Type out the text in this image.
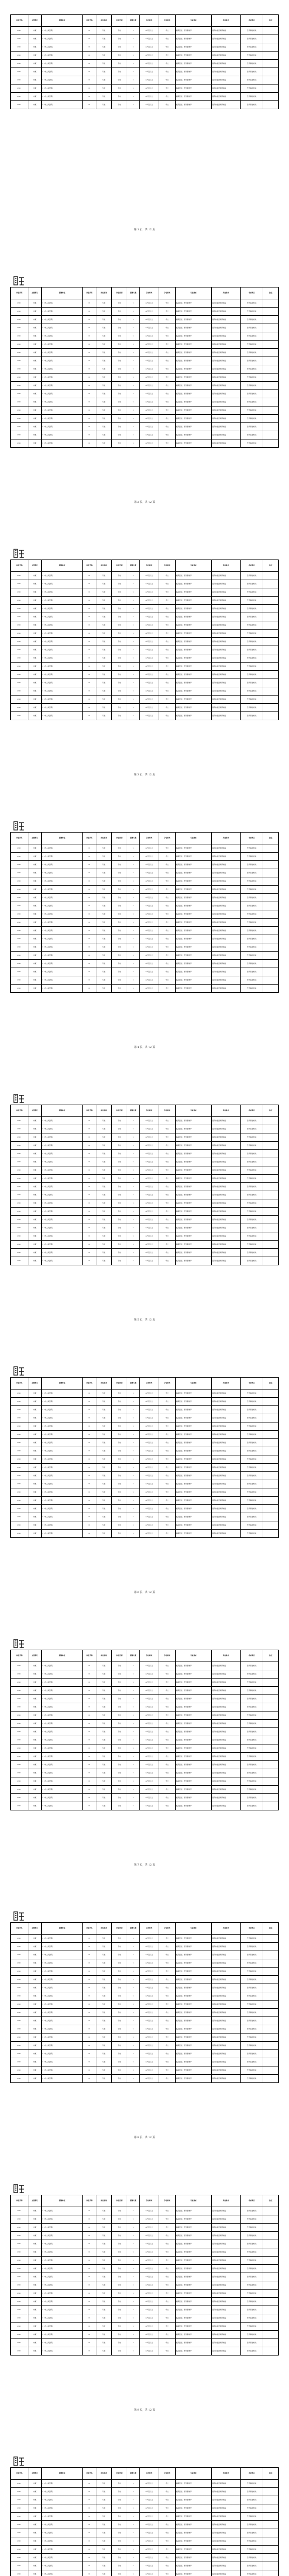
单位代码	主管部门	招聘单位	岗位代码	岗位名称	岗位类别	招聘人数	学历要求	学位要求	专业要求	其他条件	考试科目	备注
2021	市属	××市人民医院	01	专技	专技	1	本科及以上	学士	临床医学、医学影像学	具有执业医师资格证	医学基础知识	
2021	市属	××市人民医院	01	专技	专技	1	本科及以上	学士	临床医学、医学影像学	具有执业医师资格证	医学基础知识	
2021	市属	××市人民医院	01	专技	专技	1	本科及以上	学士	临床医学、医学影像学	具有执业医师资格证	医学基础知识	
2021	市属	××市人民医院	01	专技	专技	1	本科及以上	学士	临床医学、医学影像学	具有执业医师资格证	医学基础知识	
2021	市属	××市人民医院	01	专技	专技	1	本科及以上	学士	临床医学、医学影像学	具有执业医师资格证	医学基础知识	
2021	市属	××市人民医院	01	专技	专技	1	本科及以上	学士	临床医学、医学影像学	具有执业医师资格证	医学基础知识	
2021	市属	××市人民医院	01	专技	专技	1	本科及以上	学士	临床医学、医学影像学	具有执业医师资格证	医学基础知识	
2021	市属	××市人民医院	01	专技	专技	1	本科及以上	学士	临床医学、医学影像学	具有执业医师资格证	医学基础知识	
2021	市属	××市人民医院	01	专技	专技	1	本科及以上	学士	临床医学、医学影像学	具有执业医师资格证	医学基础知识	
2021	市属	××市人民医院	01	专技	专技	1	本科及以上	学士	临床医学、医学影像学	具有执业医师资格证	医学基础知识	
第 1 页，共 12 页
单位代码	主管部门	招聘单位	岗位代码	岗位名称	岗位类别	招聘人数	学历要求	学位要求	专业要求	其他条件	考试科目	备注
2021	市属	××市人民医院	01	专技	专技	1	本科及以上	学士	临床医学、医学影像学	具有执业医师资格证	医学基础知识	
2021	市属	××市人民医院	01	专技	专技	1	本科及以上	学士	临床医学、医学影像学	具有执业医师资格证	医学基础知识	
2021	市属	××市人民医院	01	专技	专技	1	本科及以上	学士	临床医学、医学影像学	具有执业医师资格证	医学基础知识	
2021	市属	××市人民医院	01	专技	专技	1	本科及以上	学士	临床医学、医学影像学	具有执业医师资格证	医学基础知识	
2021	市属	××市人民医院	01	专技	专技	1	本科及以上	学士	临床医学、医学影像学	具有执业医师资格证	医学基础知识	
2021	市属	××市人民医院	01	专技	专技	1	本科及以上	学士	临床医学、医学影像学	具有执业医师资格证	医学基础知识	
2021	市属	××市人民医院	01	专技	专技	1	本科及以上	学士	临床医学、医学影像学	具有执业医师资格证	医学基础知识	
2021	市属	××市人民医院	01	专技	专技	1	本科及以上	学士	临床医学、医学影像学	具有执业医师资格证	医学基础知识	
2021	市属	××市人民医院	01	专技	专技	1	本科及以上	学士	临床医学、医学影像学	具有执业医师资格证	医学基础知识	
2021	市属	××市人民医院	01	专技	专技	1	本科及以上	学士	临床医学、医学影像学	具有执业医师资格证	医学基础知识	
2021	市属	××市人民医院	01	专技	专技	1	本科及以上	学士	临床医学、医学影像学	具有执业医师资格证	医学基础知识	
2021	市属	××市人民医院	01	专技	专技	1	本科及以上	学士	临床医学、医学影像学	具有执业医师资格证	医学基础知识	
2021	市属	××市人民医院	01	专技	专技	1	本科及以上	学士	临床医学、医学影像学	具有执业医师资格证	医学基础知识	
2021	市属	××市人民医院	01	专技	专技	1	本科及以上	学士	临床医学、医学影像学	具有执业医师资格证	医学基础知识	
2021	市属	××市人民医院	01	专技	专技	1	本科及以上	学士	临床医学、医学影像学	具有执业医师资格证	医学基础知识	
2021	市属	××市人民医院	01	专技	专技	1	本科及以上	学士	临床医学、医学影像学	具有执业医师资格证	医学基础知识	
2021	市属	××市人民医院	01	专技	专技	1	本科及以上	学士	临床医学、医学影像学	具有执业医师资格证	医学基础知识	
2021	市属	××市人民医院	01	专技	专技	1	本科及以上	学士	临床医学、医学影像学	具有执业医师资格证	医学基础知识	
第 2 页，共 12 页
单位代码	主管部门	招聘单位	岗位代码	岗位名称	岗位类别	招聘人数	学历要求	学位要求	专业要求	其他条件	考试科目	备注
2021	市属	××市人民医院	01	专技	专技	1	本科及以上	学士	临床医学、医学影像学	具有执业医师资格证	医学基础知识	
2021	市属	××市人民医院	01	专技	专技	1	本科及以上	学士	临床医学、医学影像学	具有执业医师资格证	医学基础知识	
2021	市属	××市人民医院	01	专技	专技	1	本科及以上	学士	临床医学、医学影像学	具有执业医师资格证	医学基础知识	
2021	市属	××市人民医院	01	专技	专技	1	本科及以上	学士	临床医学、医学影像学	具有执业医师资格证	医学基础知识	
2021	市属	××市人民医院	01	专技	专技	1	本科及以上	学士	临床医学、医学影像学	具有执业医师资格证	医学基础知识	
2021	市属	××市人民医院	01	专技	专技	1	本科及以上	学士	临床医学、医学影像学	具有执业医师资格证	医学基础知识	
2021	市属	××市人民医院	01	专技	专技	1	本科及以上	学士	临床医学、医学影像学	具有执业医师资格证	医学基础知识	
2021	市属	××市人民医院	01	专技	专技	1	本科及以上	学士	临床医学、医学影像学	具有执业医师资格证	医学基础知识	
2021	市属	××市人民医院	01	专技	专技	1	本科及以上	学士	临床医学、医学影像学	具有执业医师资格证	医学基础知识	
2021	市属	××市人民医院	01	专技	专技	1	本科及以上	学士	临床医学、医学影像学	具有执业医师资格证	医学基础知识	
2021	市属	××市人民医院	01	专技	专技	1	本科及以上	学士	临床医学、医学影像学	具有执业医师资格证	医学基础知识	
2021	市属	××市人民医院	01	专技	专技	1	本科及以上	学士	临床医学、医学影像学	具有执业医师资格证	医学基础知识	
2021	市属	××市人民医院	01	专技	专技	1	本科及以上	学士	临床医学、医学影像学	具有执业医师资格证	医学基础知识	
2021	市属	××市人民医院	01	专技	专技	1	本科及以上	学士	临床医学、医学影像学	具有执业医师资格证	医学基础知识	
2021	市属	××市人民医院	01	专技	专技	1	本科及以上	学士	临床医学、医学影像学	具有执业医师资格证	医学基础知识	
2021	市属	××市人民医院	01	专技	专技	1	本科及以上	学士	临床医学、医学影像学	具有执业医师资格证	医学基础知识	
2021	市属	××市人民医院	01	专技	专技	1	本科及以上	学士	临床医学、医学影像学	具有执业医师资格证	医学基础知识	
2021	市属	××市人民医院	01	专技	专技	1	本科及以上	学士	临床医学、医学影像学	具有执业医师资格证	医学基础知识	
第 3 页，共 12 页
单位代码	主管部门	招聘单位	岗位代码	岗位名称	岗位类别	招聘人数	学历要求	学位要求	专业要求	其他条件	考试科目	备注
2021	市属	××市人民医院	01	专技	专技	1	本科及以上	学士	临床医学、医学影像学	具有执业医师资格证	医学基础知识	
2021	市属	××市人民医院	01	专技	专技	1	本科及以上	学士	临床医学、医学影像学	具有执业医师资格证	医学基础知识	
2021	市属	××市人民医院	01	专技	专技	1	本科及以上	学士	临床医学、医学影像学	具有执业医师资格证	医学基础知识	
2021	市属	××市人民医院	01	专技	专技	1	本科及以上	学士	临床医学、医学影像学	具有执业医师资格证	医学基础知识	
2021	市属	××市人民医院	01	专技	专技	1	本科及以上	学士	临床医学、医学影像学	具有执业医师资格证	医学基础知识	
2021	市属	××市人民医院	01	专技	专技	1	本科及以上	学士	临床医学、医学影像学	具有执业医师资格证	医学基础知识	
2021	市属	××市人民医院	01	专技	专技	1	本科及以上	学士	临床医学、医学影像学	具有执业医师资格证	医学基础知识	
2021	市属	××市人民医院	01	专技	专技	1	本科及以上	学士	临床医学、医学影像学	具有执业医师资格证	医学基础知识	
2021	市属	××市人民医院	01	专技	专技	1	本科及以上	学士	临床医学、医学影像学	具有执业医师资格证	医学基础知识	
2021	市属	××市人民医院	01	专技	专技	1	本科及以上	学士	临床医学、医学影像学	具有执业医师资格证	医学基础知识	
2021	市属	××市人民医院	01	专技	专技	1	本科及以上	学士	临床医学、医学影像学	具有执业医师资格证	医学基础知识	
2021	市属	××市人民医院	01	专技	专技	1	本科及以上	学士	临床医学、医学影像学	具有执业医师资格证	医学基础知识	
2021	市属	××市人民医院	01	专技	专技	1	本科及以上	学士	临床医学、医学影像学	具有执业医师资格证	医学基础知识	
2021	市属	××市人民医院	01	专技	专技	1	本科及以上	学士	临床医学、医学影像学	具有执业医师资格证	医学基础知识	
2021	市属	××市人民医院	01	专技	专技	1	本科及以上	学士	临床医学、医学影像学	具有执业医师资格证	医学基础知识	
2021	市属	××市人民医院	01	专技	专技	1	本科及以上	学士	临床医学、医学影像学	具有执业医师资格证	医学基础知识	
2021	市属	××市人民医院	01	专技	专技	1	本科及以上	学士	临床医学、医学影像学	具有执业医师资格证	医学基础知识	
2021	市属	××市人民医院	01	专技	专技	1	本科及以上	学士	临床医学、医学影像学	具有执业医师资格证	医学基础知识	
第 4 页，共 12 页
单位代码	主管部门	招聘单位	岗位代码	岗位名称	岗位类别	招聘人数	学历要求	学位要求	专业要求	其他条件	考试科目	备注
2021	市属	××市人民医院	01	专技	专技	1	本科及以上	学士	临床医学、医学影像学	具有执业医师资格证	医学基础知识	
2021	市属	××市人民医院	01	专技	专技	1	本科及以上	学士	临床医学、医学影像学	具有执业医师资格证	医学基础知识	
2021	市属	××市人民医院	01	专技	专技	1	本科及以上	学士	临床医学、医学影像学	具有执业医师资格证	医学基础知识	
2021	市属	××市人民医院	01	专技	专技	1	本科及以上	学士	临床医学、医学影像学	具有执业医师资格证	医学基础知识	
2021	市属	××市人民医院	01	专技	专技	1	本科及以上	学士	临床医学、医学影像学	具有执业医师资格证	医学基础知识	
2021	市属	××市人民医院	01	专技	专技	1	本科及以上	学士	临床医学、医学影像学	具有执业医师资格证	医学基础知识	
2021	市属	××市人民医院	01	专技	专技	1	本科及以上	学士	临床医学、医学影像学	具有执业医师资格证	医学基础知识	
2021	市属	××市人民医院	01	专技	专技	1	本科及以上	学士	临床医学、医学影像学	具有执业医师资格证	医学基础知识	
2021	市属	××市人民医院	01	专技	专技	1	本科及以上	学士	临床医学、医学影像学	具有执业医师资格证	医学基础知识	
2021	市属	××市人民医院	01	专技	专技	1	本科及以上	学士	临床医学、医学影像学	具有执业医师资格证	医学基础知识	
2021	市属	××市人民医院	01	专技	专技	1	本科及以上	学士	临床医学、医学影像学	具有执业医师资格证	医学基础知识	
2021	市属	××市人民医院	01	专技	专技	1	本科及以上	学士	临床医学、医学影像学	具有执业医师资格证	医学基础知识	
2021	市属	××市人民医院	01	专技	专技	1	本科及以上	学士	临床医学、医学影像学	具有执业医师资格证	医学基础知识	
2021	市属	××市人民医院	01	专技	专技	1	本科及以上	学士	临床医学、医学影像学	具有执业医师资格证	医学基础知识	
2021	市属	××市人民医院	01	专技	专技	1	本科及以上	学士	临床医学、医学影像学	具有执业医师资格证	医学基础知识	
2021	市属	××市人民医院	01	专技	专技	1	本科及以上	学士	临床医学、医学影像学	具有执业医师资格证	医学基础知识	
2021	市属	××市人民医院	01	专技	专技	1	本科及以上	学士	临床医学、医学影像学	具有执业医师资格证	医学基础知识	
2021	市属	××市人民医院	01	专技	专技	1	本科及以上	学士	临床医学、医学影像学	具有执业医师资格证	医学基础知识	
第 5 页，共 12 页
单位代码	主管部门	招聘单位	岗位代码	岗位名称	岗位类别	招聘人数	学历要求	学位要求	专业要求	其他条件	考试科目	备注
2021	市属	××市人民医院	01	专技	专技	1	本科及以上	学士	临床医学、医学影像学	具有执业医师资格证	医学基础知识	
2021	市属	××市人民医院	01	专技	专技	1	本科及以上	学士	临床医学、医学影像学	具有执业医师资格证	医学基础知识	
2021	市属	××市人民医院	01	专技	专技	1	本科及以上	学士	临床医学、医学影像学	具有执业医师资格证	医学基础知识	
2021	市属	××市人民医院	01	专技	专技	1	本科及以上	学士	临床医学、医学影像学	具有执业医师资格证	医学基础知识	
2021	市属	××市人民医院	01	专技	专技	1	本科及以上	学士	临床医学、医学影像学	具有执业医师资格证	医学基础知识	
2021	市属	××市人民医院	01	专技	专技	1	本科及以上	学士	临床医学、医学影像学	具有执业医师资格证	医学基础知识	
2021	市属	××市人民医院	01	专技	专技	1	本科及以上	学士	临床医学、医学影像学	具有执业医师资格证	医学基础知识	
2021	市属	××市人民医院	01	专技	专技	1	本科及以上	学士	临床医学、医学影像学	具有执业医师资格证	医学基础知识	
2021	市属	××市人民医院	01	专技	专技	1	本科及以上	学士	临床医学、医学影像学	具有执业医师资格证	医学基础知识	
2021	市属	××市人民医院	01	专技	专技	1	本科及以上	学士	临床医学、医学影像学	具有执业医师资格证	医学基础知识	
2021	市属	××市人民医院	01	专技	专技	1	本科及以上	学士	临床医学、医学影像学	具有执业医师资格证	医学基础知识	
2021	市属	××市人民医院	01	专技	专技	1	本科及以上	学士	临床医学、医学影像学	具有执业医师资格证	医学基础知识	
2021	市属	××市人民医院	01	专技	专技	1	本科及以上	学士	临床医学、医学影像学	具有执业医师资格证	医学基础知识	
2021	市属	××市人民医院	01	专技	专技	1	本科及以上	学士	临床医学、医学影像学	具有执业医师资格证	医学基础知识	
2021	市属	××市人民医院	01	专技	专技	1	本科及以上	学士	临床医学、医学影像学	具有执业医师资格证	医学基础知识	
2021	市属	××市人民医院	01	专技	专技	1	本科及以上	学士	临床医学、医学影像学	具有执业医师资格证	医学基础知识	
2021	市属	××市人民医院	01	专技	专技	1	本科及以上	学士	临床医学、医学影像学	具有执业医师资格证	医学基础知识	
2021	市属	××市人民医院	01	专技	专技	1	本科及以上	学士	临床医学、医学影像学	具有执业医师资格证	医学基础知识	
第 6 页，共 12 页
单位代码	主管部门	招聘单位	岗位代码	岗位名称	岗位类别	招聘人数	学历要求	学位要求	专业要求	其他条件	考试科目	备注
2021	市属	××市人民医院	01	专技	专技	1	本科及以上	学士	临床医学、医学影像学	具有执业医师资格证	医学基础知识	
2021	市属	××市人民医院	01	专技	专技	1	本科及以上	学士	临床医学、医学影像学	具有执业医师资格证	医学基础知识	
2021	市属	××市人民医院	01	专技	专技	1	本科及以上	学士	临床医学、医学影像学	具有执业医师资格证	医学基础知识	
2021	市属	××市人民医院	01	专技	专技	1	本科及以上	学士	临床医学、医学影像学	具有执业医师资格证	医学基础知识	
2021	市属	××市人民医院	01	专技	专技	1	本科及以上	学士	临床医学、医学影像学	具有执业医师资格证	医学基础知识	
2021	市属	××市人民医院	01	专技	专技	1	本科及以上	学士	临床医学、医学影像学	具有执业医师资格证	医学基础知识	
2021	市属	××市人民医院	01	专技	专技	1	本科及以上	学士	临床医学、医学影像学	具有执业医师资格证	医学基础知识	
2021	市属	××市人民医院	01	专技	专技	1	本科及以上	学士	临床医学、医学影像学	具有执业医师资格证	医学基础知识	
2021	市属	××市人民医院	01	专技	专技	1	本科及以上	学士	临床医学、医学影像学	具有执业医师资格证	医学基础知识	
2021	市属	××市人民医院	01	专技	专技	1	本科及以上	学士	临床医学、医学影像学	具有执业医师资格证	医学基础知识	
2021	市属	××市人民医院	01	专技	专技	1	本科及以上	学士	临床医学、医学影像学	具有执业医师资格证	医学基础知识	
2021	市属	××市人民医院	01	专技	专技	1	本科及以上	学士	临床医学、医学影像学	具有执业医师资格证	医学基础知识	
2021	市属	××市人民医院	01	专技	专技	1	本科及以上	学士	临床医学、医学影像学	具有执业医师资格证	医学基础知识	
2021	市属	××市人民医院	01	专技	专技	1	本科及以上	学士	临床医学、医学影像学	具有执业医师资格证	医学基础知识	
2021	市属	××市人民医院	01	专技	专技	1	本科及以上	学士	临床医学、医学影像学	具有执业医师资格证	医学基础知识	
2021	市属	××市人民医院	01	专技	专技	1	本科及以上	学士	临床医学、医学影像学	具有执业医师资格证	医学基础知识	
2021	市属	××市人民医院	01	专技	专技	1	本科及以上	学士	临床医学、医学影像学	具有执业医师资格证	医学基础知识	
2021	市属	××市人民医院	01	专技	专技	1	本科及以上	学士	临床医学、医学影像学	具有执业医师资格证	医学基础知识	
第 7 页，共 12 页
单位代码	主管部门	招聘单位	岗位代码	岗位名称	岗位类别	招聘人数	学历要求	学位要求	专业要求	其他条件	考试科目	备注
2021	市属	××市人民医院	01	专技	专技	1	本科及以上	学士	临床医学、医学影像学	具有执业医师资格证	医学基础知识	
2021	市属	××市人民医院	01	专技	专技	1	本科及以上	学士	临床医学、医学影像学	具有执业医师资格证	医学基础知识	
2021	市属	××市人民医院	01	专技	专技	1	本科及以上	学士	临床医学、医学影像学	具有执业医师资格证	医学基础知识	
2021	市属	××市人民医院	01	专技	专技	1	本科及以上	学士	临床医学、医学影像学	具有执业医师资格证	医学基础知识	
2021	市属	××市人民医院	01	专技	专技	1	本科及以上	学士	临床医学、医学影像学	具有执业医师资格证	医学基础知识	
2021	市属	××市人民医院	01	专技	专技	1	本科及以上	学士	临床医学、医学影像学	具有执业医师资格证	医学基础知识	
2021	市属	××市人民医院	01	专技	专技	1	本科及以上	学士	临床医学、医学影像学	具有执业医师资格证	医学基础知识	
2021	市属	××市人民医院	01	专技	专技	1	本科及以上	学士	临床医学、医学影像学	具有执业医师资格证	医学基础知识	
2021	市属	××市人民医院	01	专技	专技	1	本科及以上	学士	临床医学、医学影像学	具有执业医师资格证	医学基础知识	
2021	市属	××市人民医院	01	专技	专技	1	本科及以上	学士	临床医学、医学影像学	具有执业医师资格证	医学基础知识	
2021	市属	××市人民医院	01	专技	专技	1	本科及以上	学士	临床医学、医学影像学	具有执业医师资格证	医学基础知识	
2021	市属	××市人民医院	01	专技	专技	1	本科及以上	学士	临床医学、医学影像学	具有执业医师资格证	医学基础知识	
2021	市属	××市人民医院	01	专技	专技	1	本科及以上	学士	临床医学、医学影像学	具有执业医师资格证	医学基础知识	
2021	市属	××市人民医院	01	专技	专技	1	本科及以上	学士	临床医学、医学影像学	具有执业医师资格证	医学基础知识	
2021	市属	××市人民医院	01	专技	专技	1	本科及以上	学士	临床医学、医学影像学	具有执业医师资格证	医学基础知识	
2021	市属	××市人民医院	01	专技	专技	1	本科及以上	学士	临床医学、医学影像学	具有执业医师资格证	医学基础知识	
2021	市属	××市人民医院	01	专技	专技	1	本科及以上	学士	临床医学、医学影像学	具有执业医师资格证	医学基础知识	
2021	市属	××市人民医院	01	专技	专技	1	本科及以上	学士	临床医学、医学影像学	具有执业医师资格证	医学基础知识	
第 8 页，共 12 页
单位代码	主管部门	招聘单位	岗位代码	岗位名称	岗位类别	招聘人数	学历要求	学位要求	专业要求	其他条件	考试科目	备注
2021	市属	××市人民医院	01	专技	专技	1	本科及以上	学士	临床医学、医学影像学	具有执业医师资格证	医学基础知识	
2021	市属	××市人民医院	01	专技	专技	1	本科及以上	学士	临床医学、医学影像学	具有执业医师资格证	医学基础知识	
2021	市属	××市人民医院	01	专技	专技	1	本科及以上	学士	临床医学、医学影像学	具有执业医师资格证	医学基础知识	
2021	市属	××市人民医院	01	专技	专技	1	本科及以上	学士	临床医学、医学影像学	具有执业医师资格证	医学基础知识	
2021	市属	××市人民医院	01	专技	专技	1	本科及以上	学士	临床医学、医学影像学	具有执业医师资格证	医学基础知识	
2021	市属	××市人民医院	01	专技	专技	1	本科及以上	学士	临床医学、医学影像学	具有执业医师资格证	医学基础知识	
2021	市属	××市人民医院	01	专技	专技	1	本科及以上	学士	临床医学、医学影像学	具有执业医师资格证	医学基础知识	
2021	市属	××市人民医院	01	专技	专技	1	本科及以上	学士	临床医学、医学影像学	具有执业医师资格证	医学基础知识	
2021	市属	××市人民医院	01	专技	专技	1	本科及以上	学士	临床医学、医学影像学	具有执业医师资格证	医学基础知识	
2021	市属	××市人民医院	01	专技	专技	1	本科及以上	学士	临床医学、医学影像学	具有执业医师资格证	医学基础知识	
2021	市属	××市人民医院	01	专技	专技	1	本科及以上	学士	临床医学、医学影像学	具有执业医师资格证	医学基础知识	
2021	市属	××市人民医院	01	专技	专技	1	本科及以上	学士	临床医学、医学影像学	具有执业医师资格证	医学基础知识	
2021	市属	××市人民医院	01	专技	专技	1	本科及以上	学士	临床医学、医学影像学	具有执业医师资格证	医学基础知识	
2021	市属	××市人民医院	01	专技	专技	1	本科及以上	学士	临床医学、医学影像学	具有执业医师资格证	医学基础知识	
2021	市属	××市人民医院	01	专技	专技	1	本科及以上	学士	临床医学、医学影像学	具有执业医师资格证	医学基础知识	
2021	市属	××市人民医院	01	专技	专技	1	本科及以上	学士	临床医学、医学影像学	具有执业医师资格证	医学基础知识	
2021	市属	××市人民医院	01	专技	专技	1	本科及以上	学士	临床医学、医学影像学	具有执业医师资格证	医学基础知识	
2021	市属	××市人民医院	01	专技	专技	1	本科及以上	学士	临床医学、医学影像学	具有执业医师资格证	医学基础知识	
第 9 页，共 12 页
单位代码	主管部门	招聘单位	岗位代码	岗位名称	岗位类别	招聘人数	学历要求	学位要求	专业要求	其他条件	考试科目	备注
2021	市属	××市人民医院	01	专技	专技	1	本科及以上	学士	临床医学、医学影像学	具有执业医师资格证	医学基础知识	
2021	市属	××市人民医院	01	专技	专技	1	本科及以上	学士	临床医学、医学影像学	具有执业医师资格证	医学基础知识	
2021	市属	××市人民医院	01	专技	专技	1	本科及以上	学士	临床医学、医学影像学	具有执业医师资格证	医学基础知识	
2021	市属	××市人民医院	01	专技	专技	1	本科及以上	学士	临床医学、医学影像学	具有执业医师资格证	医学基础知识	
2021	市属	××市人民医院	01	专技	专技	1	本科及以上	学士	临床医学、医学影像学	具有执业医师资格证	医学基础知识	
2021	市属	××市人民医院	01	专技	专技	1	本科及以上	学士	临床医学、医学影像学	具有执业医师资格证	医学基础知识	
2021	市属	××市人民医院	01	专技	专技	1	本科及以上	学士	临床医学、医学影像学	具有执业医师资格证	医学基础知识	
2021	市属	××市人民医院	01	专技	专技	1	本科及以上	学士	临床医学、医学影像学	具有执业医师资格证	医学基础知识	
2021	市属	××市人民医院	01	专技	专技	1	本科及以上	学士	临床医学、医学影像学	具有执业医师资格证	医学基础知识	
2021	市属	××市人民医院	01	专技	专技	1	本科及以上	学士	临床医学、医学影像学	具有执业医师资格证	医学基础知识	
2021	市属	××市人民医院	01	专技	专技	1	本科及以上	学士	临床医学、医学影像学	具有执业医师资格证	医学基础知识	
2021	市属	××市人民医院	01	专技	专技	1	本科及以上	学士	临床医学、医学影像学	具有执业医师资格证	医学基础知识	
